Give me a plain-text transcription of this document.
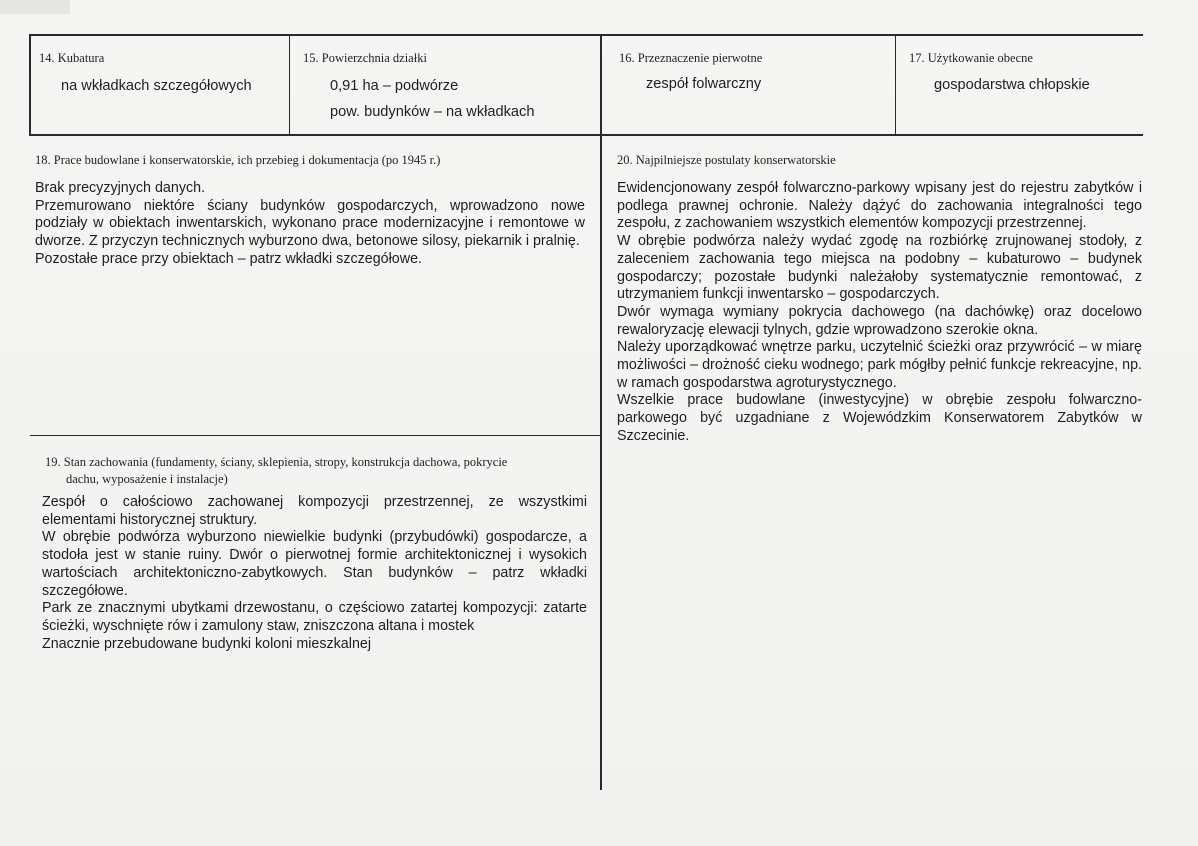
14. Kubatura
na wkładkach szczegółowych
15. Powierzchnia działki
0,91 ha – podwórze
pow. budynków – na wkładkach
16. Przeznaczenie pierwotne
zespół folwarczny
17. Użytkowanie obecne
gospodarstwa chłopskie
18. Prace budowlane i konserwatorskie, ich przebieg i dokumentacja (po 1945 r.)

Brak precyzyjnych danych.

Przemurowano niektóre ściany budynków gospodarczych, wprowadzono nowe podziały w obiektach inwentarskich, wykonano prace modernizacyjne i remontowe w dworze. Z przyczyn technicznych wyburzono dwa, betonowe silosy, piekarnik i pralnię.

Pozostałe prace przy obiektach – patrz wkładki szczegółowe.

19. Stan zachowania (fundamenty, ściany, sklepienia, stropy, konstrukcja dachowa, pokrycie
dachu, wyposażenie i instalacje)

Zespół o całościowo zachowanej kompozycji przestrzennej, ze wszystkimi elementami historycznej struktury.

W obrębie podwórza wyburzono niewielkie budynki (przybudówki) gospodarcze, a stodoła jest w stanie ruiny. Dwór o pierwotnej formie architektonicznej i wysokich wartościach architektoniczno-zabytkowych. Stan budynków – patrz wkładki szczegółowe.

Park ze znacznymi ubytkami drzewostanu, o częściowo zatartej kompozycji: zatarte ścieżki, wyschnięte rów i zamulony staw, zniszczona altana i mostek

Znacznie przebudowane budynki koloni mieszkalnej

20. Najpilniejsze postulaty konserwatorskie

Ewidencjonowany zespół folwarczno-parkowy wpisany jest do rejestru zabytków i podlega prawnej ochronie. Należy dążyć do zachowania integralności tego zespołu, z zachowaniem wszystkich elementów kompozycji przestrzennej.

W obrębie podwórza należy wydać zgodę na rozbiórkę zrujnowanej stodoły, z zaleceniem zachowania tego miejsca na podobny – kubaturowo – budynek gospodarczy; pozostałe budynki należałoby systematycznie remontować, z utrzymaniem funkcji inwentarsko – gospodarczych.

Dwór wymaga wymiany pokrycia dachowego (na dachówkę) oraz docelowo rewaloryzację elewacji tylnych, gdzie wprowadzono szerokie okna.

Należy uporządkować wnętrze parku, uczytelnić ścieżki oraz przywrócić – w miarę możliwości – drożność cieku wodnego; park mógłby pełnić funkcje rekreacyjne, np. w ramach gospodarstwa agroturystycznego.

Wszelkie prace budowlane (inwestycyjne) w obrębie zespołu folwarczno-parkowego być uzgadniane z Wojewódzkim Konserwatorem Zabytków w Szczecinie.
